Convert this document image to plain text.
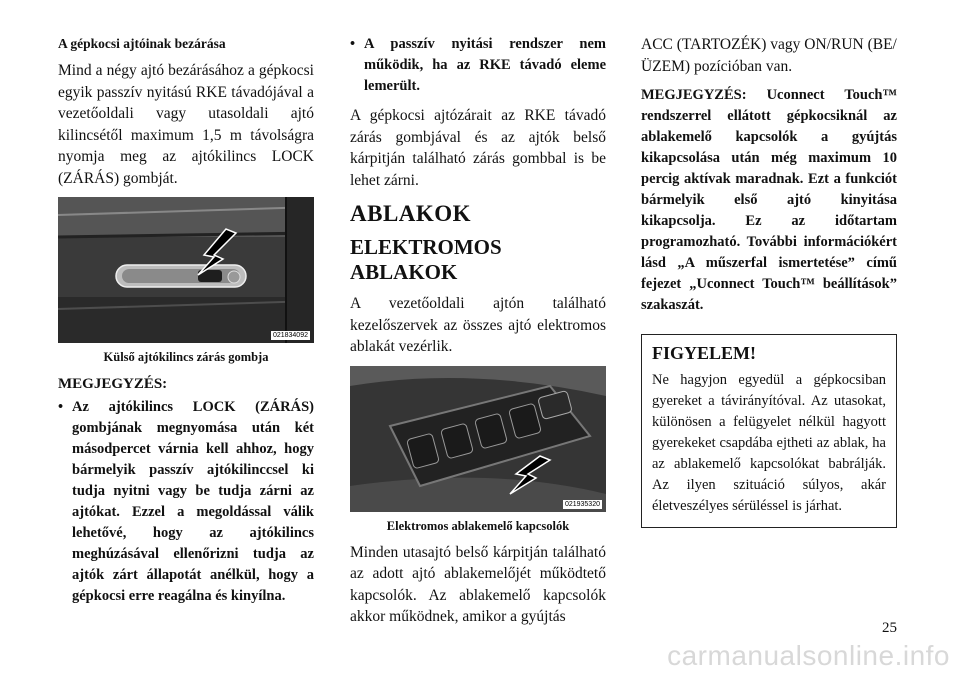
A gépkocsi ajtóinak bezárása

Mind a négy ajtó bezárásához a gépkocsi egyik passzív nyitású RKE távadójával a vezetőoldali vagy utasoldali ajtó kilincsétől maximum 1,5 m távolságra nyomja meg az ajtókilincs LOCK (ZÁRÁS) gombját.

021834092
Külső ajtókilincs zárás gombja
MEGJEGYZÉS:
• Az ajtókilincs LOCK (ZÁRÁS) gombjának megnyomása után két másodpercet várnia kell ahhoz, hogy bármelyik passzív ajtókilinccsel ki tudja nyitni vagy be tudja zárni az ajtókat. Ezzel a megoldással válik lehetővé, hogy az ajtókilincs meghúzásával ellenőrizni tudja az ajtók zárt állapotát anélkül, hogy a gépkocsi erre reagálna és kinyílna.
• A passzív nyitási rendszer nem működik, ha az RKE távadó eleme lemerült.

A gépkocsi ajtózárait az RKE távadó zárás gombjával és az ajtók belső kárpitján található zárás gombbal is be lehet zárni.

ABLAKOK
ELEKTROMOS ABLAKOK

A vezetőoldali ajtón található kezelőszervek az összes ajtó elektromos ablakát vezérlik.

021935320
Elektromos ablakemelő kapcsolók

Minden utasajtó belső kárpitján található az adott ajtó ablakemelőjét működtető kapcsolók. Az ablakemelő kapcsolók akkor működnek, amikor a gyújtás

ACC (TARTOZÉK) vagy ON/RUN (BE/ÜZEM) pozícióban van.

MEGJEGYZÉS: Uconnect Touch™ rendszerrel ellátott gépkocsiknál az ablakemelő kapcsolók a gyújtás kikapcsolása után még maximum 10 percig aktívak maradnak. Ezt a funkciót bármelyik első ajtó kinyitása kikapcsolja. Ez az időtartam programozható. További információkért lásd „A műszerfal ismertetése” című fejezet „Uconnect Touch™ beállítások” szakaszát.

FIGYELEM!

Ne hagyjon egyedül a gépkocsiban gyereket a távirányítóval. Az utasokat, különösen a felügyelet nélkül hagyott gyerekeket csapdába ejtheti az ablak, ha az ablakemelő kapcsolókat babrálják. Az ilyen szituáció súlyos, akár életveszélyes sérüléssel is járhat.

25
carmanualsonline.info
